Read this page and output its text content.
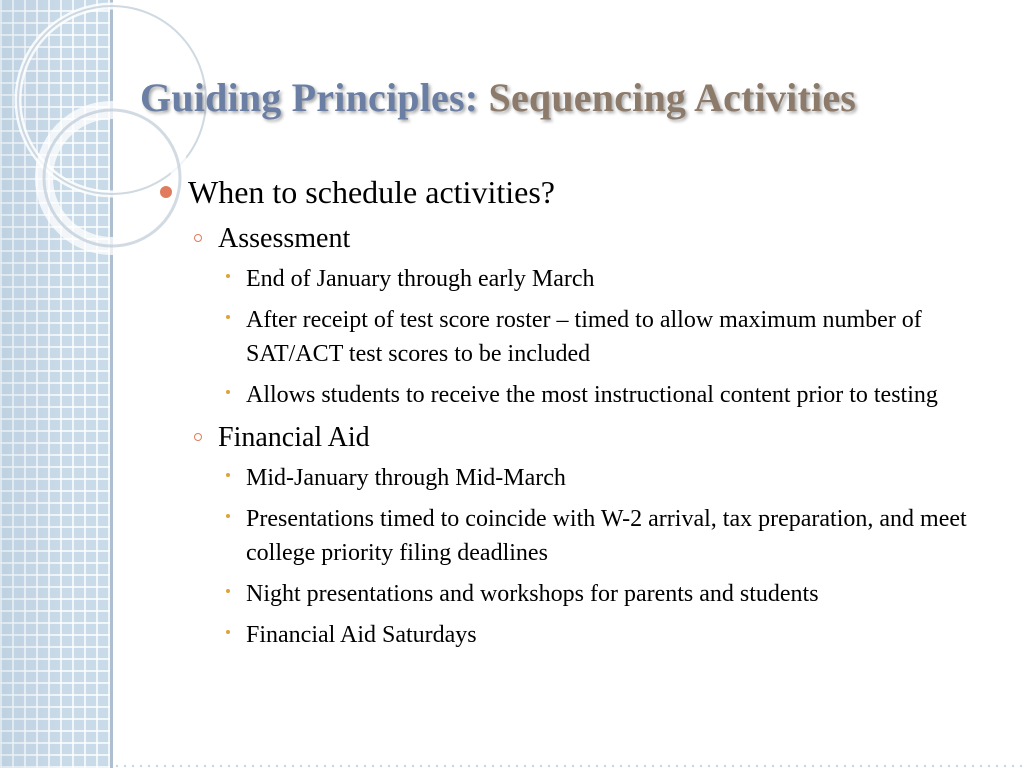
Guiding Principles: Sequencing Activities
When to schedule activities?
Assessment
End of January through early March
After receipt of test score roster – timed to allow maximum number of SAT/ACT test scores to be included
Allows students to receive the most instructional content prior to testing
Financial Aid
Mid-January through Mid-March
Presentations timed to coincide with W-2 arrival, tax preparation, and meet college priority filing deadlines
Night presentations and workshops for parents and students
Financial Aid Saturdays
